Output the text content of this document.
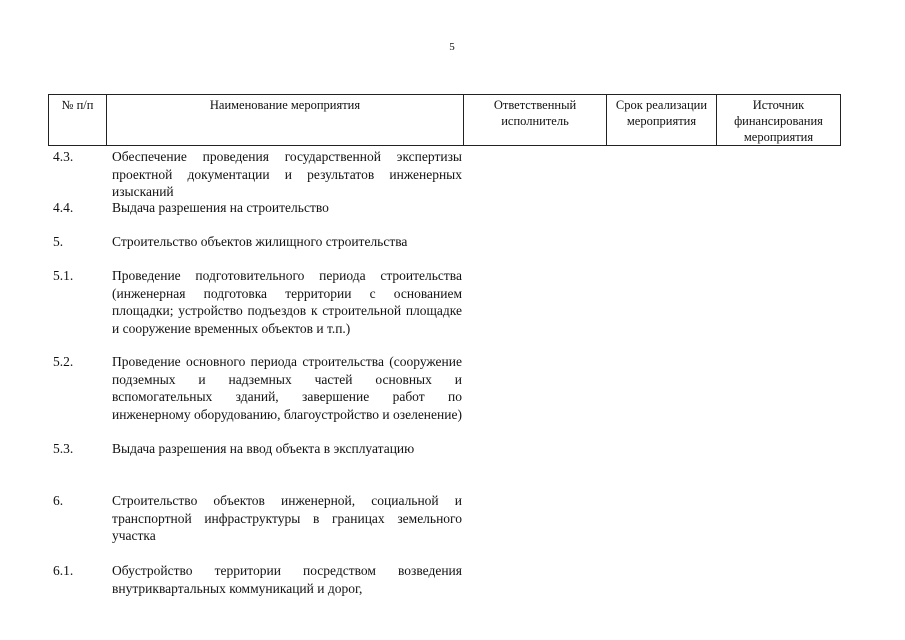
5
№ п/п	Наименование мероприятия	Ответственный исполнитель	Срок реализации мероприятия	Источник финансирования мероприятия
4.3.	Обеспечение проведения государственной экспертизы проектной документации и результатов инженерных изысканий
4.4.	Выдача разрешения на строительство
5.	Строительство объектов жилищного строительства
5.1.	Проведение подготовительного периода строительства (инженерная подготовка территории с основанием площадки; устройство подъездов к строительной площадке и сооружение временных объектов и т.п.)
5.2.	Проведение основного периода строительства (сооружение подземных и надземных частей основных и вспомогательных зданий, завершение работ по инженерному оборудованию, благоустройство и озеленение)
5.3.	Выдача разрешения на ввод объекта в эксплуатацию
6.	Строительство объектов инженерной, социальной и транспортной инфраструктуры в границах земельного участка
6.1.	Обустройство территории посредством возведения внутриквартальных коммуникаций и дорог,
